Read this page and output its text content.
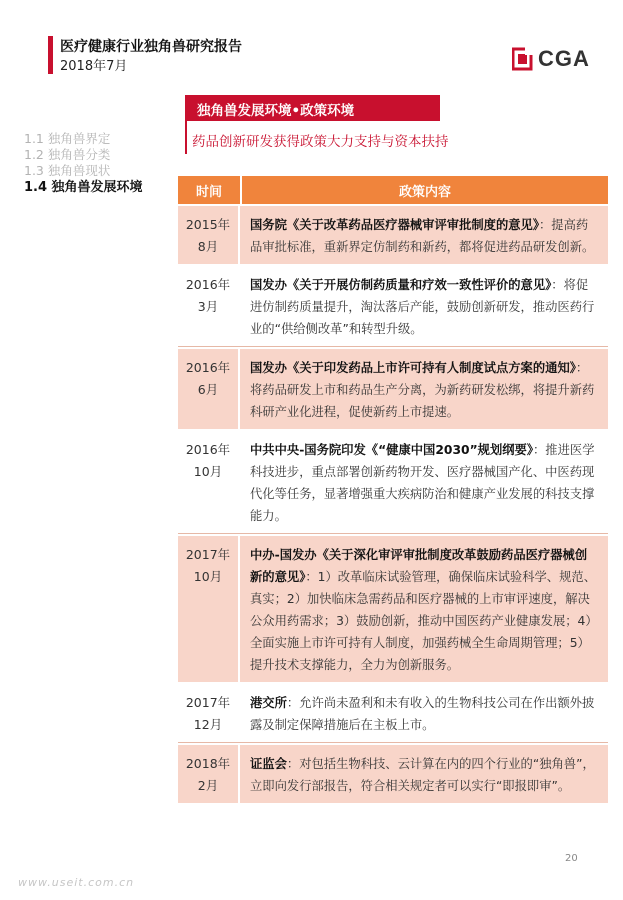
医疗健康行业独角兽研究报告
2018年7月	CGA
1.1 独角兽界定
1.2 独角兽分类
1.3 独角兽现状
1.4 独角兽发展环境
独角兽发展环境•政策环境
药品创新研发获得政策大力支持与资本扶持
时间	政策内容
2015年
8月
国务院《关于改革药品医疗器械审评审批制度的意见》：提高药品审批标准，重新界定仿制药和新药，都将促进药品研发创新。
2016年
3月
国发办《关于开展仿制药质量和疗效一致性评价的意见》：将促进仿制药质量提升，淘汰落后产能，鼓励创新研发，推动医药行业的“供给侧改革”和转型升级。
2016年
6月
国发办《关于印发药品上市许可持有人制度试点方案的通知》：将药品研发上市和药品生产分离，为新药研发松绑，将提升新药科研产业化进程，促使新药上市提速。
2016年
10月
中共中央-国务院印发《“健康中国2030”规划纲要》：推进医学科技进步，重点部署创新药物开发、医疗器械国产化、中医药现代化等任务，显著增强重大疾病防治和健康产业发展的科技支撑能力。
2017年
10月
中办-国发办《关于深化审评审批制度改革鼓励药品医疗器械创新的意见》：1）改革临床试验管理，确保临床试验科学、规范、真实；2）加快临床急需药品和医疗器械的上市审评速度，解决公众用药需求；3）鼓励创新，推动中国医药产业健康发展；4）全面实施上市许可持有人制度，加强药械全生命周期管理；5）提升技术支撑能力，全力为创新服务。
2017年
12月
港交所：允许尚未盈利和未有收入的生物科技公司在作出额外披露及制定保障措施后在主板上市。
2018年
2月
证监会：对包括生物科技、云计算在内的四个行业的“独角兽”，立即向发行部报告，符合相关规定者可以实行“即报即审”。
20
www.useit.com.cn
